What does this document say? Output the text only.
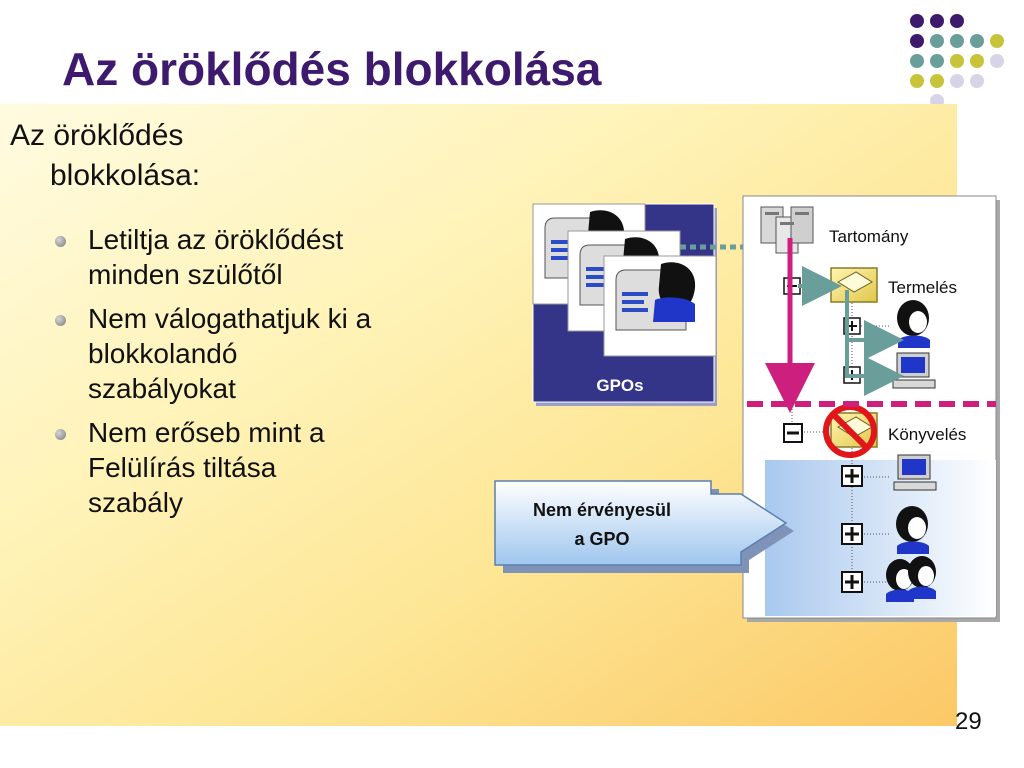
Az öröklődés blokkolása
Az öröklődés
blokkolása:
Letiltja az öröklődést
minden szülőtől
Nem válogathatjuk ki a
blokkolandó
szabályokat
Nem erőseb mint a
Felülírás tiltása
szabály
GPOs
Tartomány
Termelés
Könyvelés
Nem érvényesül
a GPO
29
